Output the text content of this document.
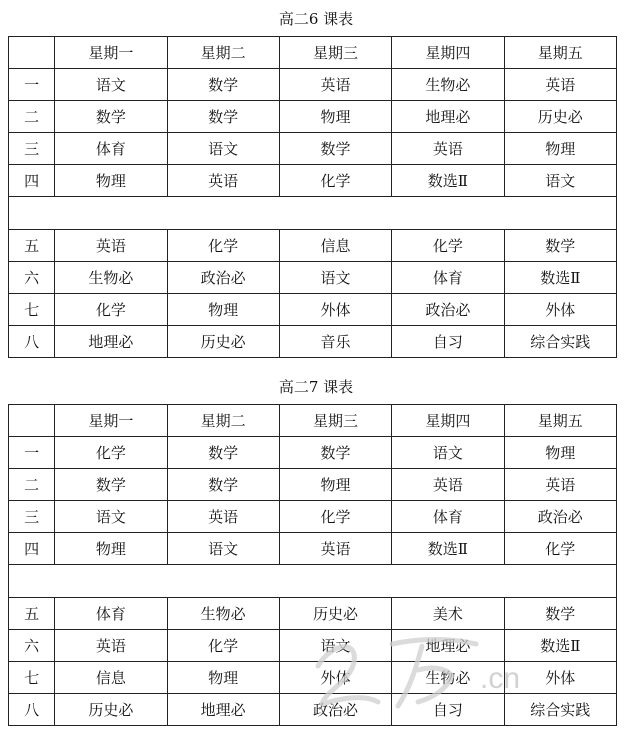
高二6 课表
	星期一	星期二	星期三	星期四	星期五
一	语文	数学	英语	生物必	英语
二	数学	数学	物理	地理必	历史必
三	体育	语文	数学	英语	物理
四	物理	英语	化学	数选Ⅱ	语文

五	英语	化学	信息	化学	数学
六	生物必	政治必	语文	体育	数选Ⅱ
七	化学	物理	外体	政治必	外体
八	地理必	历史必	音乐	自习	综合实践
高二7 课表
	星期一	星期二	星期三	星期四	星期五
一	化学	数学	数学	语文	物理
二	数学	数学	物理	英语	英语
三	语文	英语	化学	体育	政治必
四	物理	语文	英语	数选Ⅱ	化学

五	体育	生物必	历史必	美术	数学
六	英语	化学	语文	地理必	数选Ⅱ
七	信息	物理	外体	生物必	外体
八	历史必	地理必	政治必	自习	综合实践
.cn
